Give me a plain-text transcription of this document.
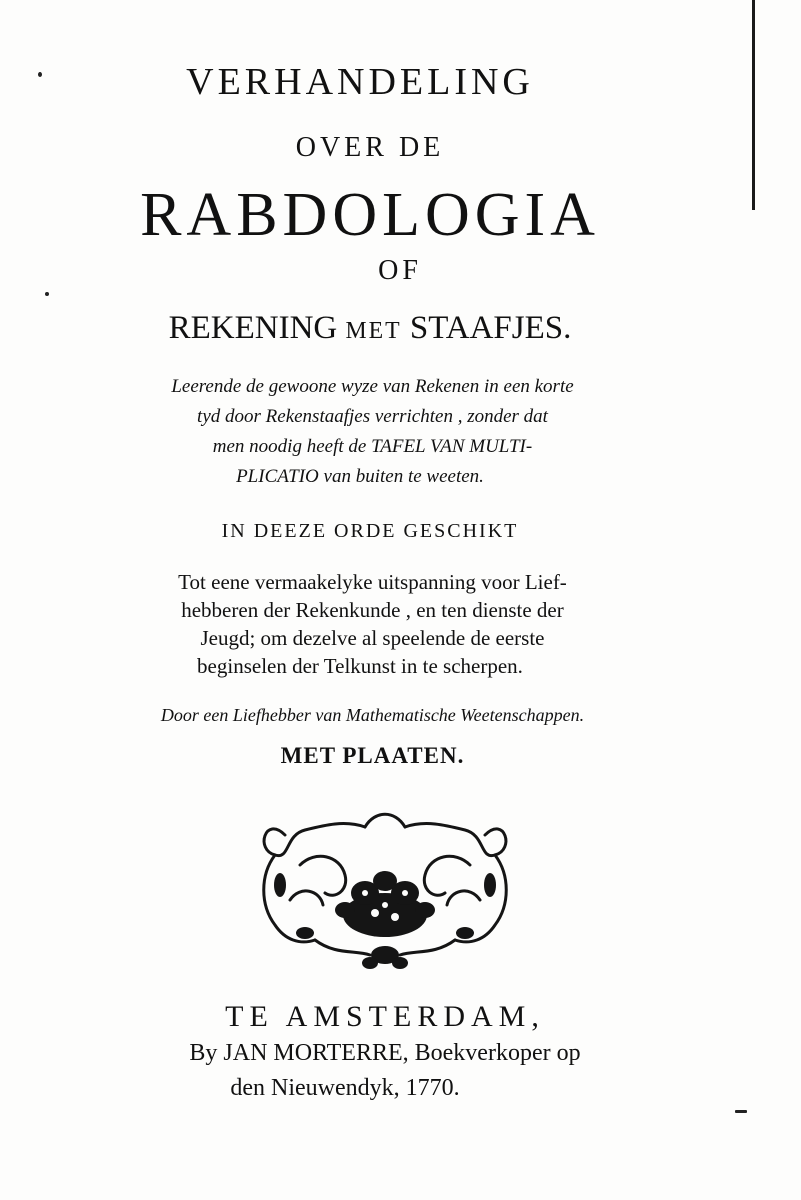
VERHANDELING

OVER DE

RABDOLOGIA

OF

REKENING MET STAAFJES.

Leerende de gewoone wyze van Rekenen in een korte

tyd door Rekenstaafjes verrichten , zonder dat

men noodig heeft de TAFEL VAN MULTI-

PLICATIO van buiten te weeten.

IN DEEZE ORDE GESCHIKT

Tot eene vermaakelyke uitspanning voor Lief-

hebberen der Rekenkunde , en ten dienste der

Jeugd; om dezelve al speelende de eerste

beginselen der Telkunst in te scherpen.

Door een Liefhebber van Mathematische Weetenschappen.

MET PLAATEN.

TE AMSTERDAM,

By JAN MORTERRE, Boekverkoper op

den Nieuwendyk, 1770.
